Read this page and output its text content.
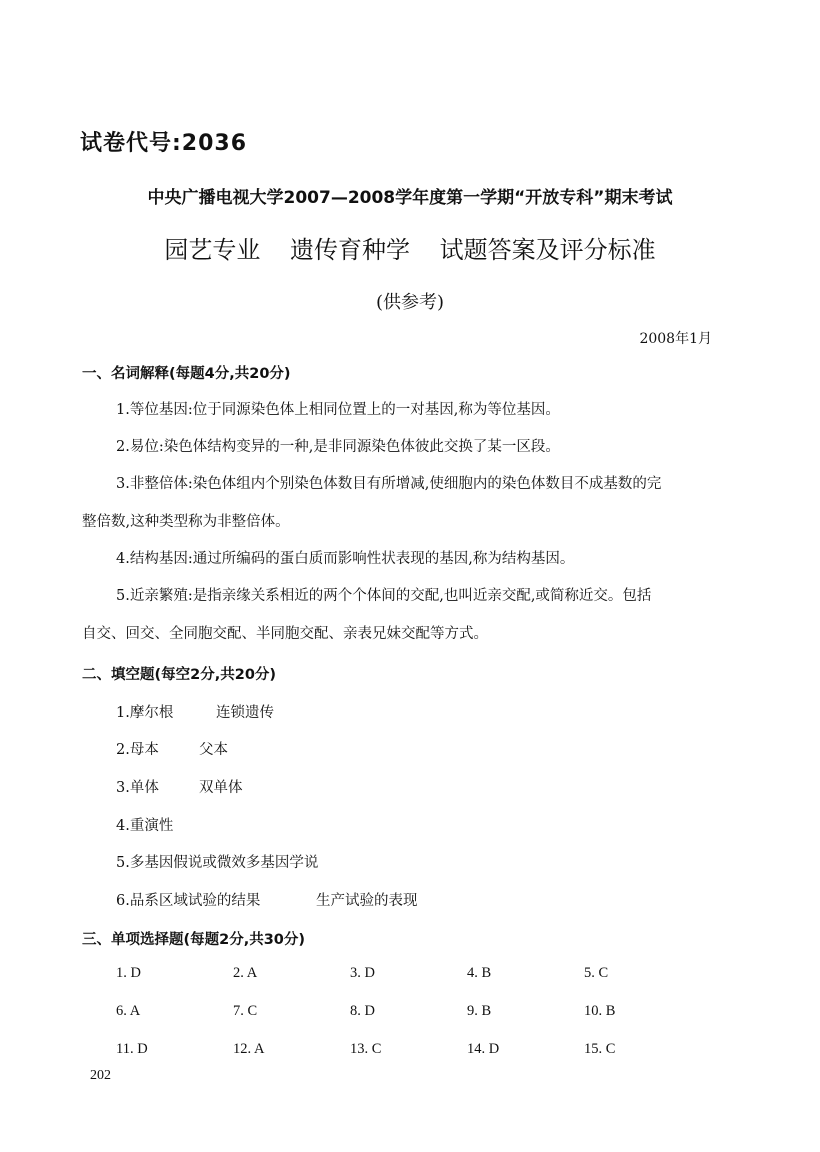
试卷代号:2036
中央广播电视大学2007—2008学年度第一学期“开放专科”期末考试
园艺专业 遗传育种学 试题答案及评分标准
(供参考)
2008年1月
一、名词解释(每题4分,共20分)
1.等位基因:位于同源染色体上相同位置上的一对基因,称为等位基因。
2.易位:染色体结构变异的一种,是非同源染色体彼此交换了某一区段。
3.非整倍体:染色体组内个别染色体数目有所增减,使细胞内的染色体数目不成基数的完
整倍数,这种类型称为非整倍体。
4.结构基因:通过所编码的蛋白质而影响性状表现的基因,称为结构基因。
5.近亲繁殖:是指亲缘关系相近的两个个体间的交配,也叫近亲交配,或简称近交。包括
自交、回交、全同胞交配、半同胞交配、亲表兄妹交配等方式。
二、填空题(每空2分,共20分)
1.摩尔根	连锁遗传
2.母本	父本
3.单体	双单体
4.重演性
5.多基因假说或微效多基因学说
6.品系区域试验的结果	生产试验的表现
三、单项选择题(每题2分,共30分)
1. D	2. A	3. D	4. B	5. C
6. A	7. C	8. D	9. B	10. B
11. D	12. A	13. C	14. D	15. C
202
